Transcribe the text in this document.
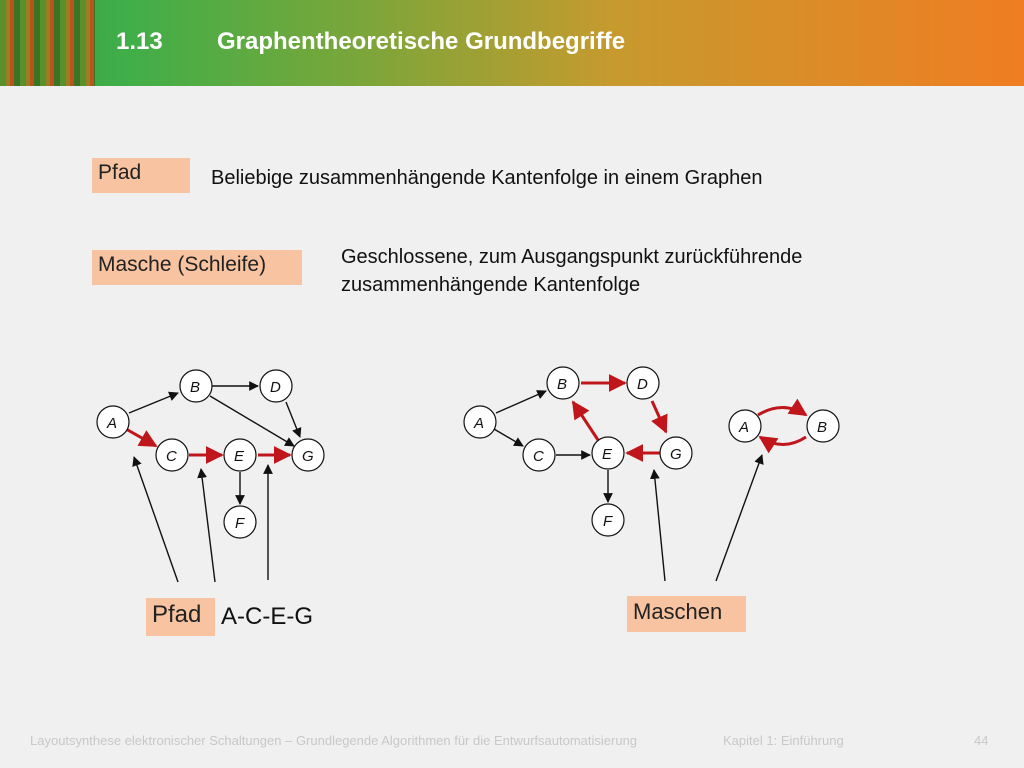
1.13 Graphentheoretische Grundbegriffe
Pfad	Beliebige zusammenhängende Kantenfolge in einem Graphen
Masche (Schleife)	Geschlossene, zum Ausgangspunkt zurückführende
zusammenhängende Kantenfolge
A
B	D
C	E	G
F
A
B	D
C	E	G
F
A	B
Pfad A-C-E-G	Maschen
Layoutsynthese elektronischer Schaltungen – Grundlegende Algorithmen für die Entwurfsautomatisierung	Kapitel 1: Einführung	44
